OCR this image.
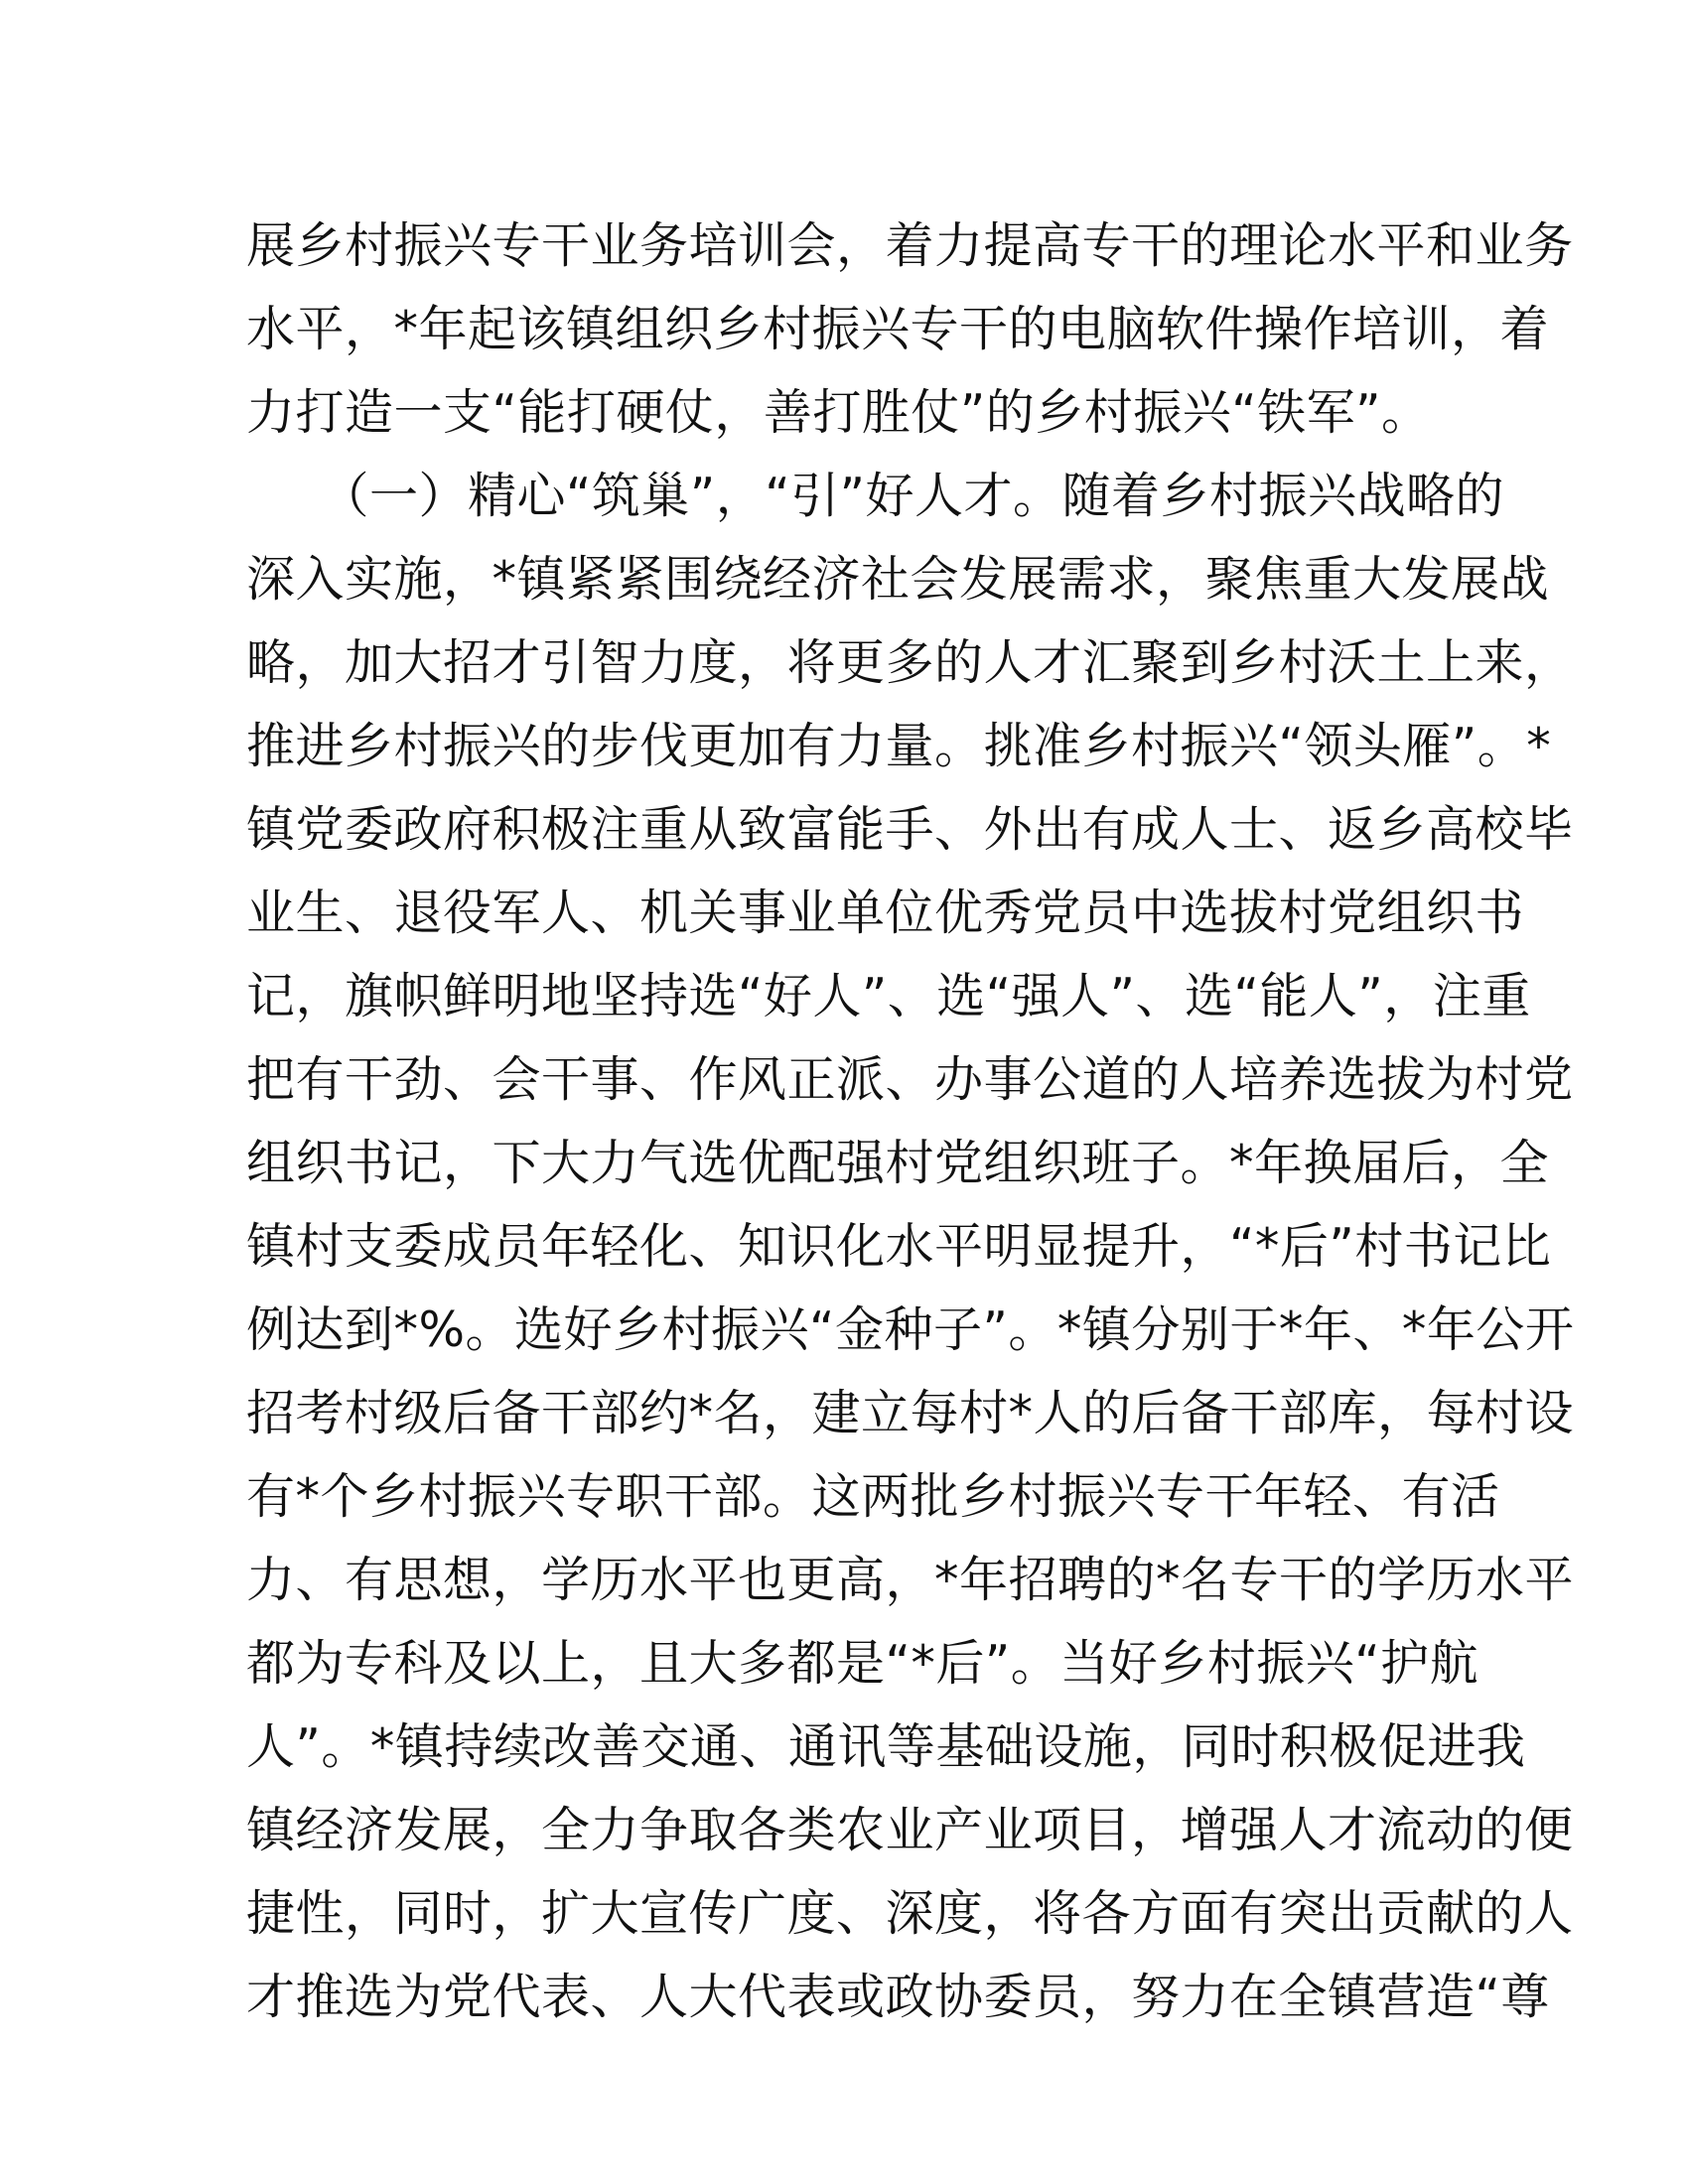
展乡村振兴专干业务培训会，着力提高专干的理论水平和业务
水平，*年起该镇组织乡村振兴专干的电脑软件操作培训，着
力打造一支“能打硬仗，善打胜仗”的乡村振兴“铁军”。
　　（一）精心“筑巢”，“引”好人才。随着乡村振兴战略的
深入实施，*镇紧紧围绕经济社会发展需求，聚焦重大发展战
略，加大招才引智力度，将更多的人才汇聚到乡村沃土上来，
推进乡村振兴的步伐更加有力量。挑准乡村振兴“领头雁”。*
镇党委政府积极注重从致富能手、外出有成人士、返乡高校毕
业生、退役军人、机关事业单位优秀党员中选拔村党组织书
记，旗帜鲜明地坚持选“好人”、选“强人”、选“能人”，注重
把有干劲、会干事、作风正派、办事公道的人培养选拔为村党
组织书记，下大力气选优配强村党组织班子。*年换届后，全
镇村支委成员年轻化、知识化水平明显提升，“*后”村书记比
例达到*%。选好乡村振兴“金种子”。*镇分别于*年、*年公开
招考村级后备干部约*名，建立每村*人的后备干部库，每村设
有*个乡村振兴专职干部。这两批乡村振兴专干年轻、有活
力、有思想，学历水平也更高，*年招聘的*名专干的学历水平
都为专科及以上，且大多都是“*后”。当好乡村振兴“护航
人”。*镇持续改善交通、通讯等基础设施，同时积极促进我
镇经济发展，全力争取各类农业产业项目，增强人才流动的便
捷性，同时，扩大宣传广度、深度，将各方面有突出贡献的人
才推选为党代表、人大代表或政协委员，努力在全镇营造“尊
